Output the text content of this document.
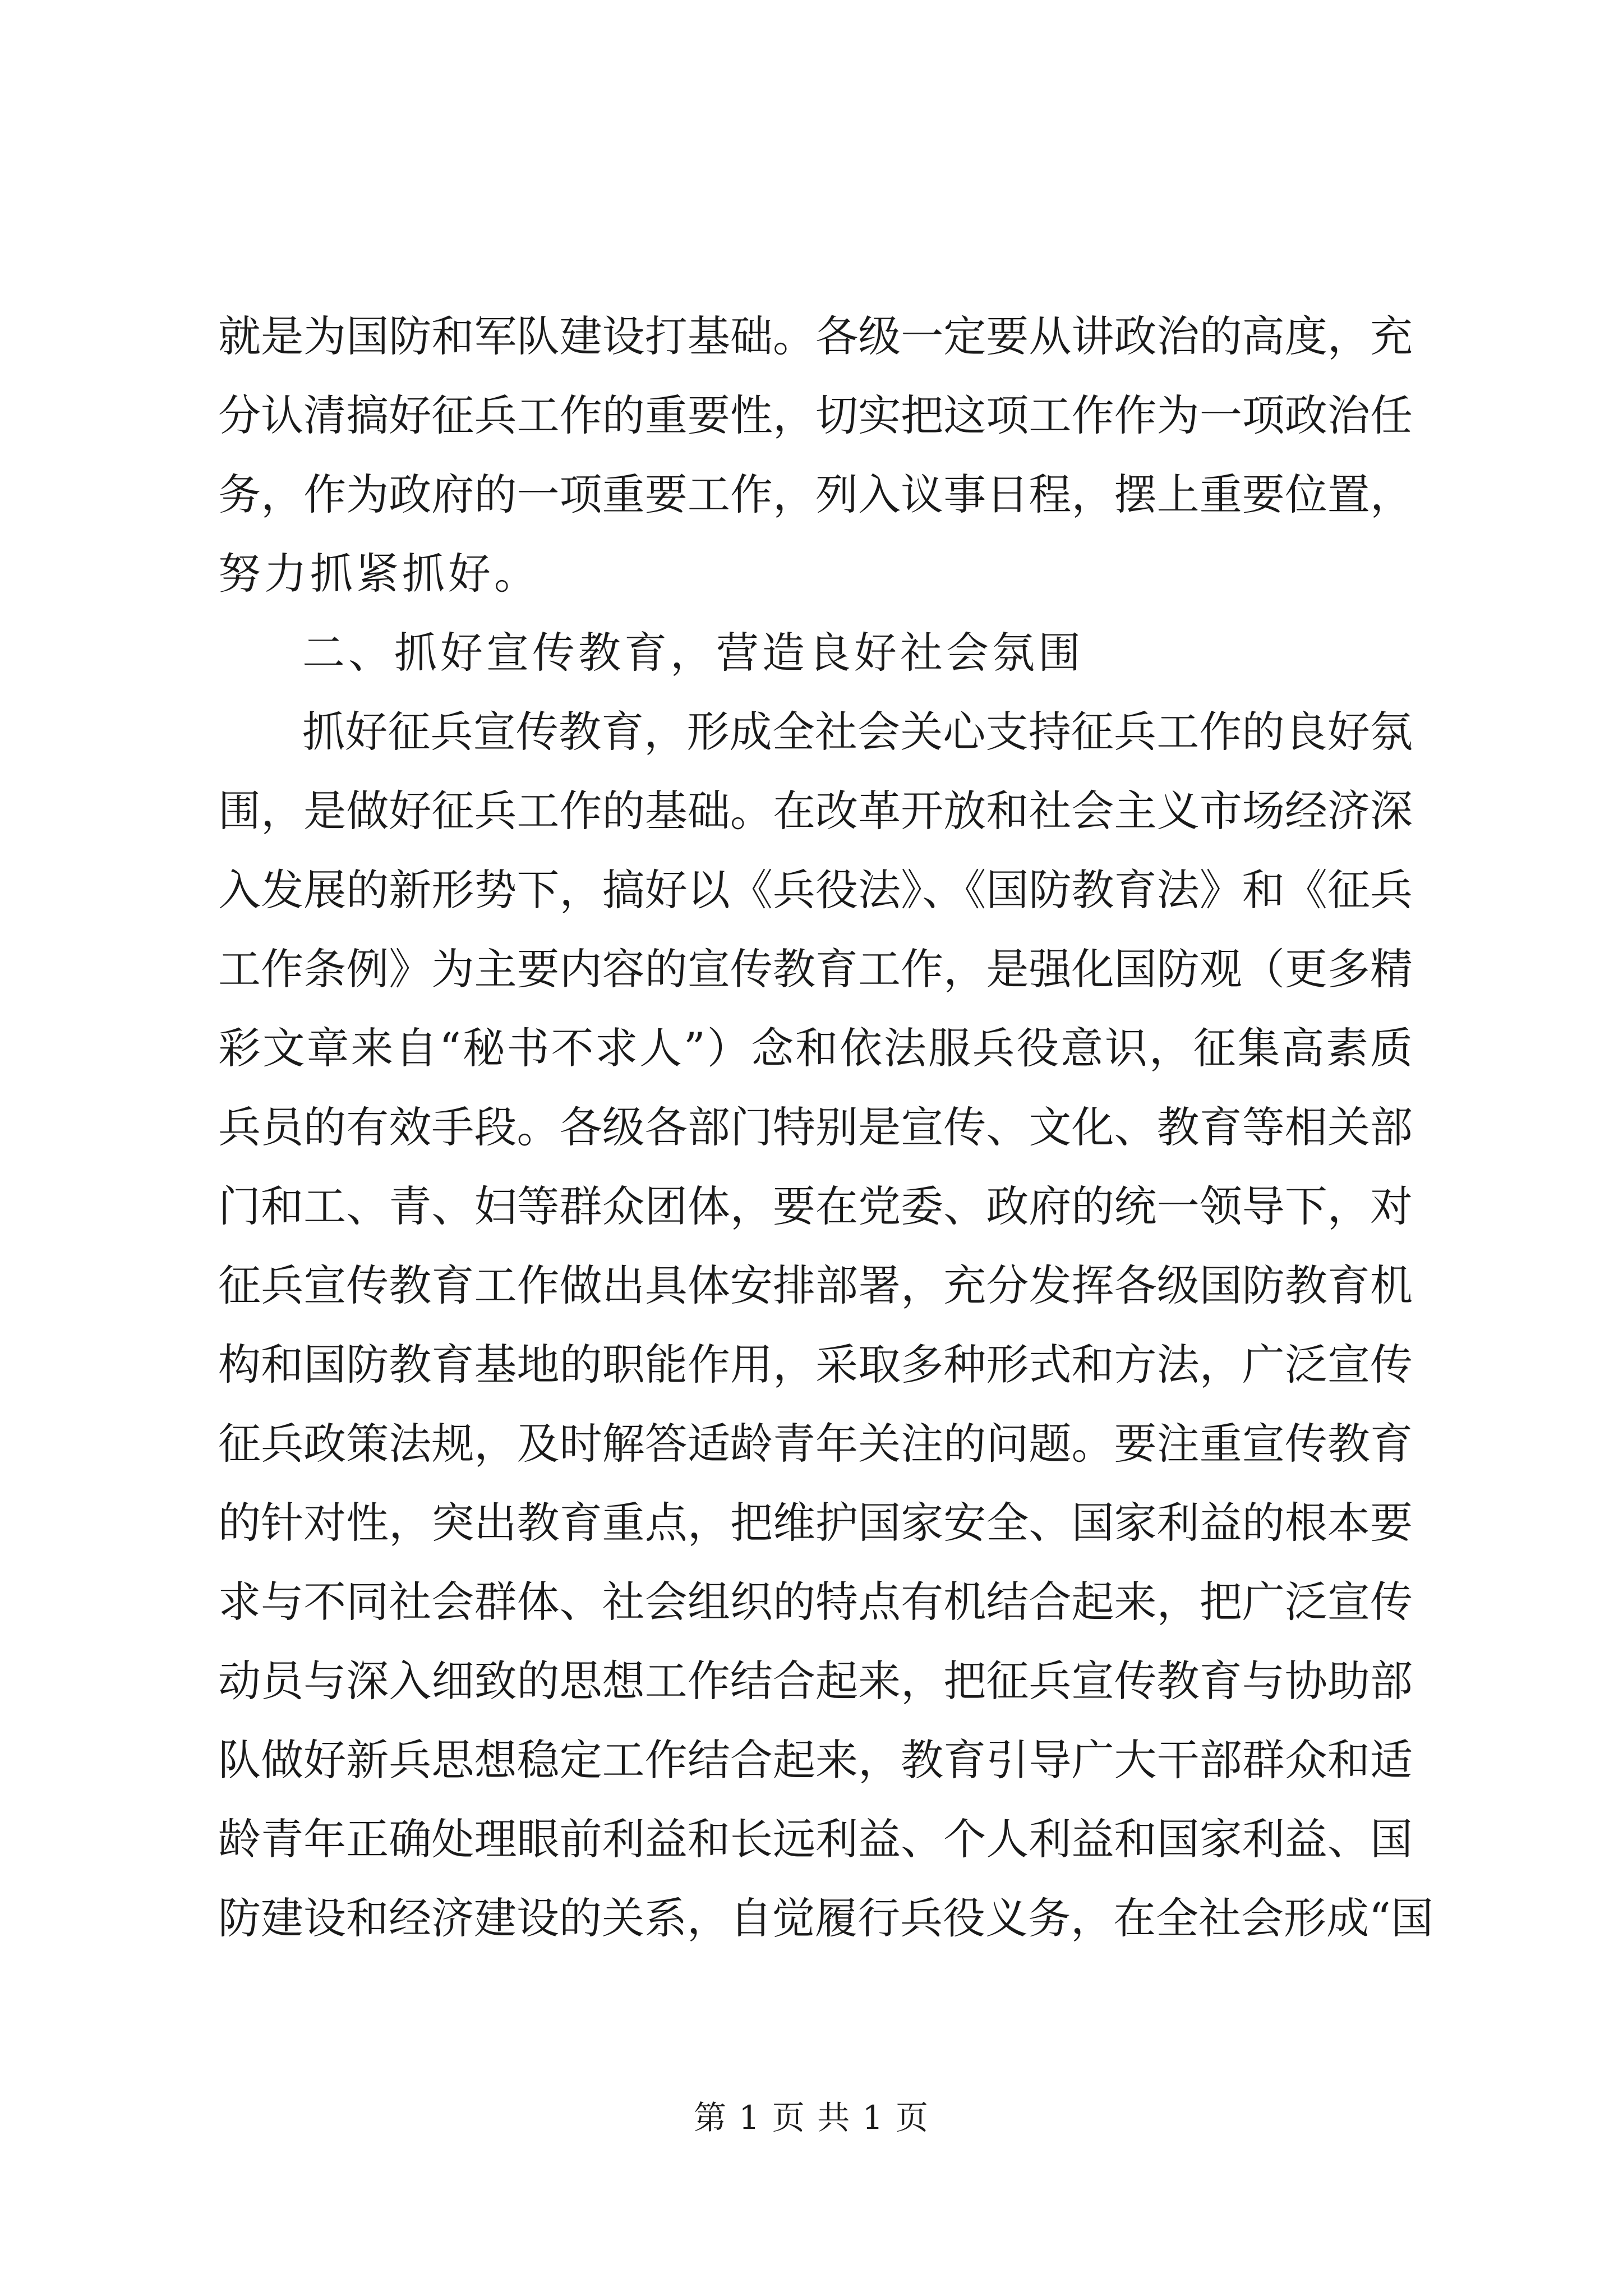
就是为国防和军队建设打基础。各级一定要从讲政治的高度，充
分认清搞好征兵工作的重要性，切实把这项工作作为一项政治任
务，作为政府的一项重要工作，列入议事日程，摆上重要位置，
努力抓紧抓好。
二、抓好宣传教育，营造良好社会氛围
抓好征兵宣传教育，形成全社会关心支持征兵工作的良好氛
围，是做好征兵工作的基础。在改革开放和社会主义市场经济深
入发展的新形势下，搞好以《兵役法》、《国防教育法》和《征兵
工作条例》为主要内容的宣传教育工作，是强化国防观（更多精
彩文章来自“秘书不求人”）念和依法服兵役意识，征集高素质
兵员的有效手段。各级各部门特别是宣传、文化、教育等相关部
门和工、青、妇等群众团体，要在党委、政府的统一领导下，对
征兵宣传教育工作做出具体安排部署，充分发挥各级国防教育机
构和国防教育基地的职能作用，采取多种形式和方法，广泛宣传
征兵政策法规，及时解答适龄青年关注的问题。要注重宣传教育
的针对性，突出教育重点，把维护国家安全、国家利益的根本要
求与不同社会群体、社会组织的特点有机结合起来，把广泛宣传
动员与深入细致的思想工作结合起来，把征兵宣传教育与协助部
队做好新兵思想稳定工作结合起来，教育引导广大干部群众和适
龄青年正确处理眼前利益和长远利益、个人利益和国家利益、国
防建设和经济建设的关系，自觉履行兵役义务，在全社会形成“国
第 1 页 共 1 页
